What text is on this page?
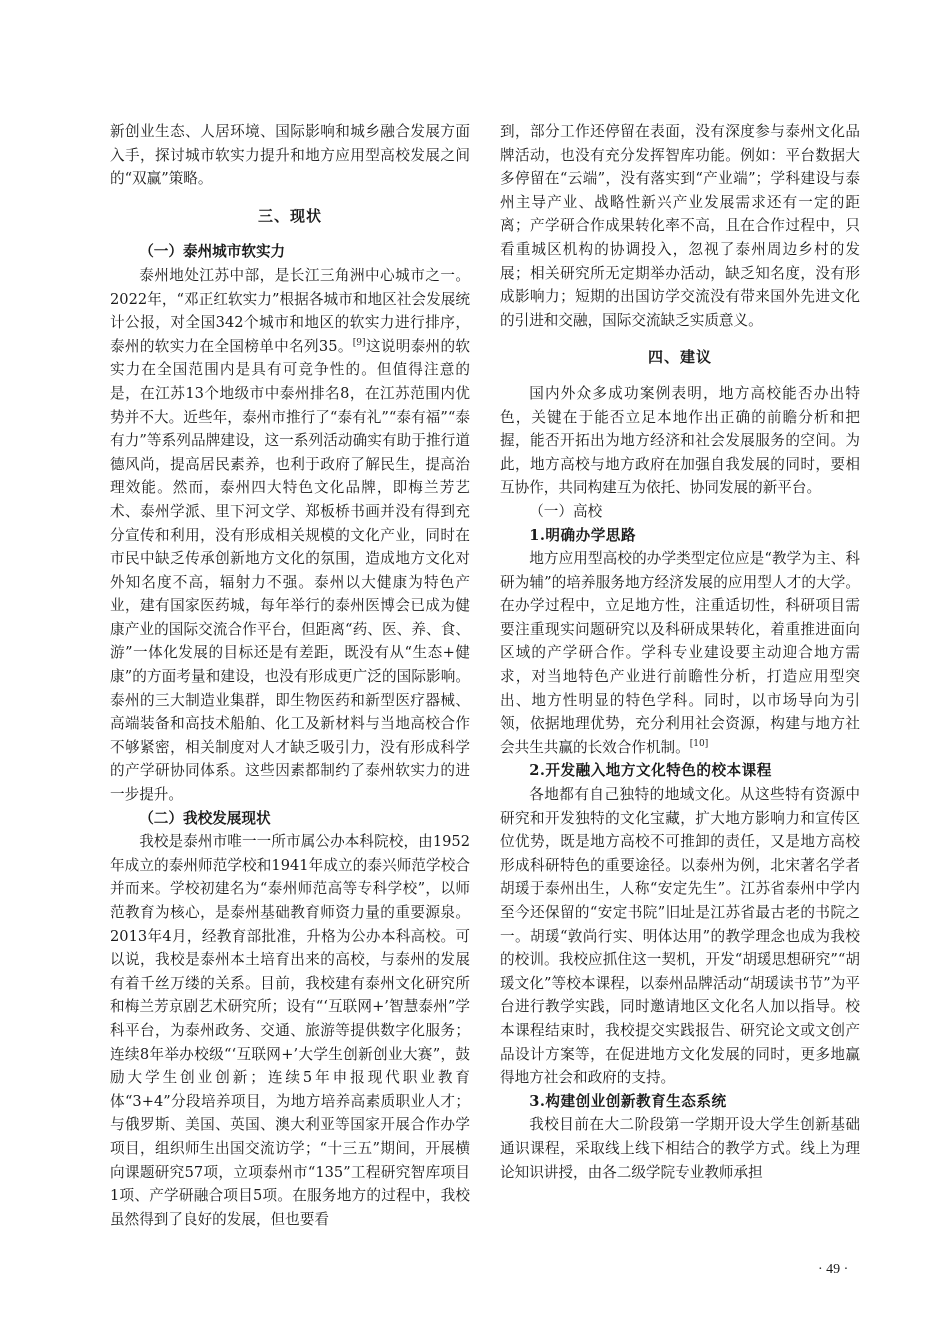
新创业生态、人居环境、国际影响和城乡融合发展方面入手，探讨城市软实力提升和地方应用型高校发展之间的“双赢”策略。

三、现状
（一）泰州城市软实力

泰州地处江苏中部，是长江三角洲中心城市之一。2022年，“邓正红软实力”根据各城市和地区社会发展统计公报，对全国342个城市和地区的软实力进行排序，泰州的软实力在全国榜单中名列35。[9]这说明泰州的软实力在全国范围内是具有可竞争性的。但值得注意的是，在江苏13个地级市中泰州排名8，在江苏范围内优势并不大。近些年，泰州市推行了“泰有礼”“泰有福”“泰有力”等系列品牌建设，这一系列活动确实有助于推行道德风尚，提高居民素养，也利于政府了解民生，提高治理效能。然而，泰州四大特色文化品牌，即梅兰芳艺术、泰州学派、里下河文学、郑板桥书画并没有得到充分宣传和利用，没有形成相关规模的文化产业，同时在市民中缺乏传承创新地方文化的氛围，造成地方文化对外知名度不高，辐射力不强。泰州以大健康为特色产业，建有国家医药城，每年举行的泰州医博会已成为健康产业的国际交流合作平台，但距离“药、医、养、食、游”一体化发展的目标还是有差距，既没有从“生态+健康”的方面考量和建设，也没有形成更广泛的国际影响。泰州的三大制造业集群，即生物医药和新型医疗器械、高端装备和高技术船舶、化工及新材料与当地高校合作不够紧密，相关制度对人才缺乏吸引力，没有形成科学的产学研协同体系。这些因素都制约了泰州软实力的进一步提升。

（二）我校发展现状

我校是泰州市唯一一所市属公办本科院校，由1952年成立的泰州师范学校和1941年成立的泰兴师范学校合并而来。学校初建名为“泰州师范高等专科学校”，以师范教育为核心，是泰州基础教育师资力量的重要源泉。2013年4月，经教育部批准，升格为公办本科高校。可以说，我校是泰州本土培育出来的高校，与泰州的发展有着千丝万缕的关系。目前，我校建有泰州文化研究所和梅兰芳京剧艺术研究所；设有“‘互联网+’智慧泰州”学科平台，为泰州政务、交通、旅游等提供数字化服务；连续8年举办校级“‘互联网+’大学生创新创业大赛”，鼓励大学生创业创新；连续5年申报现代职业教育体“3+4”分段培养项目，为地方培养高素质职业人才；与俄罗斯、美国、英国、澳大利亚等国家开展合作办学项目，组织师生出国交流访学；“十三五”期间，开展横向课题研究57项，立项泰州市“135”工程研究智库项目1项、产学研融合项目5项。在服务地方的过程中，我校虽然得到了良好的发展，但也要看

到，部分工作还停留在表面，没有深度参与泰州文化品牌活动，也没有充分发挥智库功能。例如：平台数据大多停留在“云端”，没有落实到“产业端”；学科建设与泰州主导产业、战略性新兴产业发展需求还有一定的距离；产学研合作成果转化率不高，且在合作过程中，只看重城区机构的协调投入，忽视了泰州周边乡村的发展；相关研究所无定期举办活动，缺乏知名度，没有形成影响力；短期的出国访学交流没有带来国外先进文化的引进和交融，国际交流缺乏实质意义。

四、建议

国内外众多成功案例表明，地方高校能否办出特色，关键在于能否立足本地作出正确的前瞻分析和把握，能否开拓出为地方经济和社会发展服务的空间。为此，地方高校与地方政府在加强自我发展的同时，要相互协作，共同构建互为依托、协同发展的新平台。

（一）高校
1.明确办学思路

地方应用型高校的办学类型定位应是“教学为主、科研为辅”的培养服务地方经济发展的应用型人才的大学。在办学过程中，立足地方性，注重适切性，科研项目需要注重现实问题研究以及科研成果转化，着重推进面向区域的产学研合作。学科专业建设要主动迎合地方需求，对当地特色产业进行前瞻性分析，打造应用型突出、地方性明显的特色学科。同时，以市场导向为引领，依据地理优势，充分利用社会资源，构建与地方社会共生共赢的长效合作机制。[10]

2.开发融入地方文化特色的校本课程

各地都有自己独特的地域文化。从这些特有资源中研究和开发独特的文化宝藏，扩大地方影响力和宣传区位优势，既是地方高校不可推卸的责任，又是地方高校形成科研特色的重要途径。以泰州为例，北宋著名学者胡瑗于泰州出生，人称“安定先生”。江苏省泰州中学内至今还保留的“安定书院”旧址是江苏省最古老的书院之一。胡瑗“敦尚行实、明体达用”的教学理念也成为我校的校训。我校应抓住这一契机，开发“胡瑗思想研究”“胡瑗文化”等校本课程，以泰州品牌活动“胡瑗读书节”为平台进行教学实践，同时邀请地区文化名人加以指导。校本课程结束时，我校提交实践报告、研究论文或文创产品设计方案等，在促进地方文化发展的同时，更多地赢得地方社会和政府的支持。

3.构建创业创新教育生态系统

我校目前在大二阶段第一学期开设大学生创新基础通识课程，采取线上线下相结合的教学方式。线上为理论知识讲授，由各二级学院专业教师承担

· 49 ·
